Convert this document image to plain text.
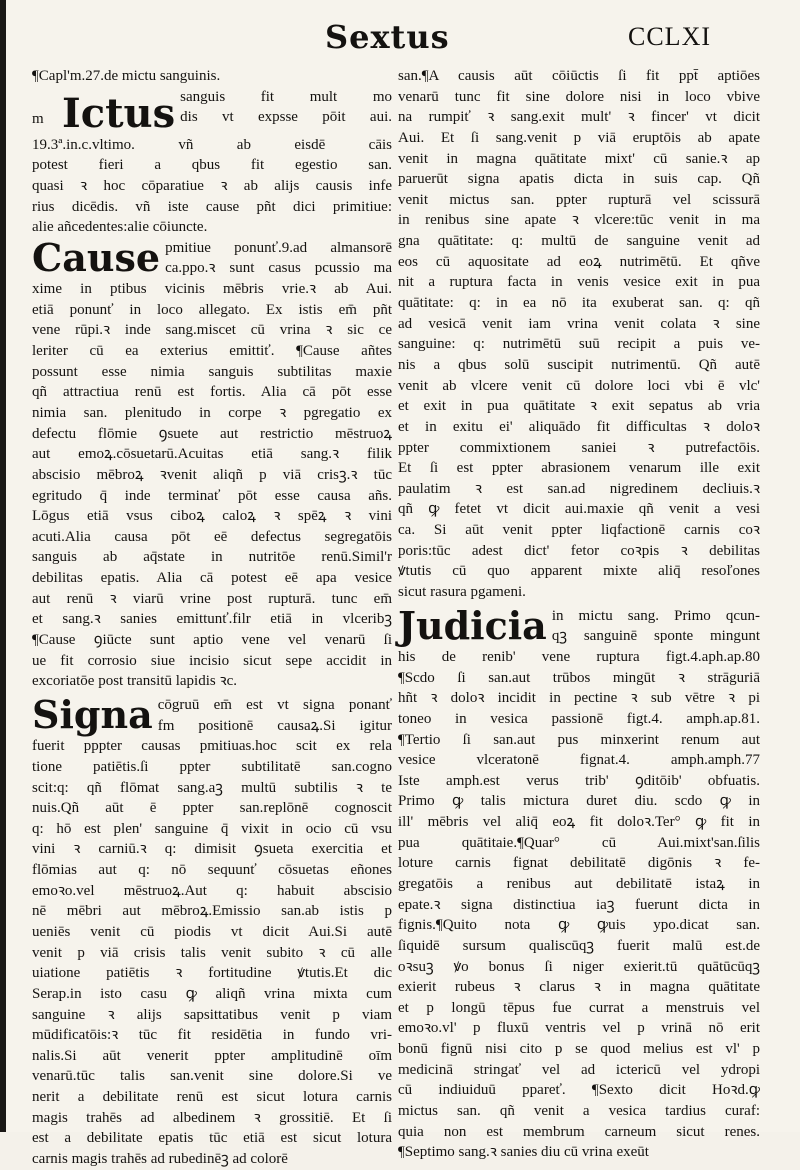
Sextus	CCLXI
¶Capl'm.27.de mictu sanguinis.
m Ictus sanguis fit mult mo
dis vt expsse pōit aui.
19.3ª.in.c.vltimo. vñ ab eisdē cāis
potest fieri a qbus fit egestio san.
quasi ꝛ hoc cōparatiue ꝛ ab alijs causis infe
rius dicēdis. vñ iste cause pñt dici primitiue:
alie añcedentes:alie cōiuncte.
Cause pmitiue ponunť.9.ad almansorē
ca.ppo.ꝛ sunt casus pcussio ma
xime in ptibus vicinis mēbris vrie.ꝛ ab Aui.
etiā ponunť in loco allegato. Ex istis em̄ pñt
vene rūpi.ꝛ inde sang.miscet cū vrina ꝛ sic ce
leriter cū ea exterius emittiť. ¶Cause añtes
possunt esse nimia sanguis subtilitas maxie
qñ attractiua renū est fortis. Alia cā pōt esse
nimia san. plenitudo in corpe ꝛ pgregatio ex
defectu flōmie ꝯsuete aut restrictio mēstruoꝝ
aut emoꝝ.cōsuetarū.Acuitas etiā sang.ꝛ filik
abscisio mēbroꝝ ꝛvenit aliqñ p viā crisꝫ.ꝛ tūc
egritudo q̄ inde terminať pōt esse causa añs.
Lōgus etiā vsus ciboꝝ caloꝝ ꝛ spēꝝ ꝛ vini
acuti.Alia causa pōt eē defectus segregatōis
sanguis ab aq̄state in nutritōe renū.Simil'r
debilitas epatis. Alia cā potest eē apa vesice
aut renū ꝛ viarū vrine post rupturā. tunc em̄
et sang.ꝛ sanies emittunť.filr etiā in vlceribꝫ
¶Cause ꝯiūcte sunt aptio vene vel venarū ſi
ue fit corrosio siue incisio sicut sepe accidit in
excoriatōe post transitū lapidis ꝛc.
Signa cōgruū em̄ est vt signa ponanť
fm positionē causaꝝ.Si igitur
fuerit pppter causas pmitiuas.hoc scit ex rela
tione patiētis.ſi ppter subtilitatē san.cogno
scit:q: qñ flōmat sang.aꝫ multū subtilis ꝛ te
nuis.Qñ aūt ē ppter san.replōnē cognoscit
q: hō est plen' sanguine q̄ vixit in ocio cū vsu
vini ꝛ carniū.ꝛ q: dimisit ꝯsueta exercitia et
flōmias aut q: nō sequunť cōsuetas eñones
emoꝛo.vel mēstruoꝝ.Aut q: habuit abscisio
nē mēbri aut mēbroꝝ.Emissio san.ab istis p
ueniēs venit cū piodis vt dicit Aui.Si autē
venit p viā crisis talis venit subito ꝛ cū alle
uiatione patiētis ꝛ fortitudine ꝟtutis.Et dic
Serap.in isto casu ꝙ aliqñ vrina mixta cum
sanguine ꝛ alijs sapsittatibus venit p viam
mūdificatōis:ꝛ tūc fit residētia in fundo vri-
nalis.Si aūt venerit ppter amplitudinē oīm
venarū.tūc talis san.venit sine dolore.Si ve
nerit a debilitate renū est sicut lotura carnis
magis trahēs ad albedinem ꝛ grossitiē. Et ſi
est a debilitate epatis tūc etiā est sicut lotura
carnis magis trahēs ad rubedinēꝫ ad colorē
san.¶A causis aūt cōiūctis ſi fit ppt̄ aptiōes
venarū tunc fit sine dolore nisi in loco vbive
na rumpiť ꝛ sang.exit mult' ꝛ fincer' vt dicit
Aui. Et ſi sang.venit p viā eruptōis ab apate
venit in magna quātitate mixt' cū sanie.ꝛ ap
paruerūt signa apatis dicta in suis cap. Qñ
venit mictus san. ppter rupturā vel scissurā
in renibus sine apate ꝛ vlcere:tūc venit in ma
gna quātitate: q: multū de sanguine venit ad
eos cū aquositate ad eoꝝ nutrimētū. Et qñve
nit a ruptura facta in venis vesice exit in pua
quātitate: q: in ea nō ita exuberat san. q: qñ
ad vesicā venit iam vrina venit colata ꝛ sine
sanguine: q: nutrimētū suū recipit a puis ve-
nis a qbus solū suscipit nutrimentū. Qñ autē
venit ab vlcere venit cū dolore loci vbi ē vlc'
et exit in pua quātitate ꝛ exit sepatus ab vria
et in exitu ei' aliquādo fit difficultas ꝛ doloꝛ
ppter commixtionem saniei ꝛ putrefactōis.
Et ſi est ppter abrasionem venarum ille exit
paulatim ꝛ est san.ad nigredinem decliuis.ꝛ
qñ ꝙ fetet vt dicit aui.maxie qñ venit a vesi
ca. Si aūt venit ppter liqfactionē carnis coꝛ
poris:tūc adest dict' fetor coꝛpis ꝛ debilitas
ꝟtutis cū quo apparent mixte aliq̄ resoľones
sicut rasura pgameni.
Judicia in mictu sang. Primo qcun-
qꝫ sanguinē sponte mingunt
his de renib' vene ruptura figt.4.aph.ap.80
¶Scdo ſi san.aut trūbos mingūt ꝛ strāguriā
hñt ꝛ doloꝛ incidit in pectine ꝛ sub vētre ꝛ pi
toneo in vesica passionē figt.4. amph.ap.81.
¶Tertio ſi san.aut pus minxerint renum aut
vesice vlceratonē fignat.4. amph.amph.77
Iste amph.est verus trib' ꝯditōib' obfuatis.
Primo ꝙ talis mictura duret diu. scdo ꝙ in
ill' mēbris vel aliq̄ eoꝝ fit doloꝛ.Ter° ꝙ fit in
pua quātitaie.¶Quar° cū Aui.mixt'san.ſilis
loture carnis fignat debilitatē digōnis ꝛ fe-
gregatōis a renibus aut debilitatē istaꝝ in
epate.ꝛ signa distinctiua iaꝫ fuerunt dicta in
fignis.¶Quito nota ꝙ ꝙuis ypo.dicat san.
ſiquidē sursum qualiscūqꝫ fuerit malū est.de
oꝛsuꝫ ꝟo bonus ſi niger exierit.tū quātūcūqꝫ
exierit rubeus ꝛ clarus ꝛ in magna quātitate
et p longū tēpus fue currat a menstruis vel
emoꝛo.vl' p fluxū ventris vel p vrinā nō erit
bonū fignū nisi cito p se quod melius est vl' p
medicinā stringať vel ad ictericū vel ydropi
cū indiuiduū ppareť. ¶Sexto dicit Hoꝛd.ꝙ
mictus san. qñ venit a vesica tardius curaf:
quia non est membrum carneum sicut renes.
¶Septimo sang.ꝛ sanies diu cū vrina exeūt
